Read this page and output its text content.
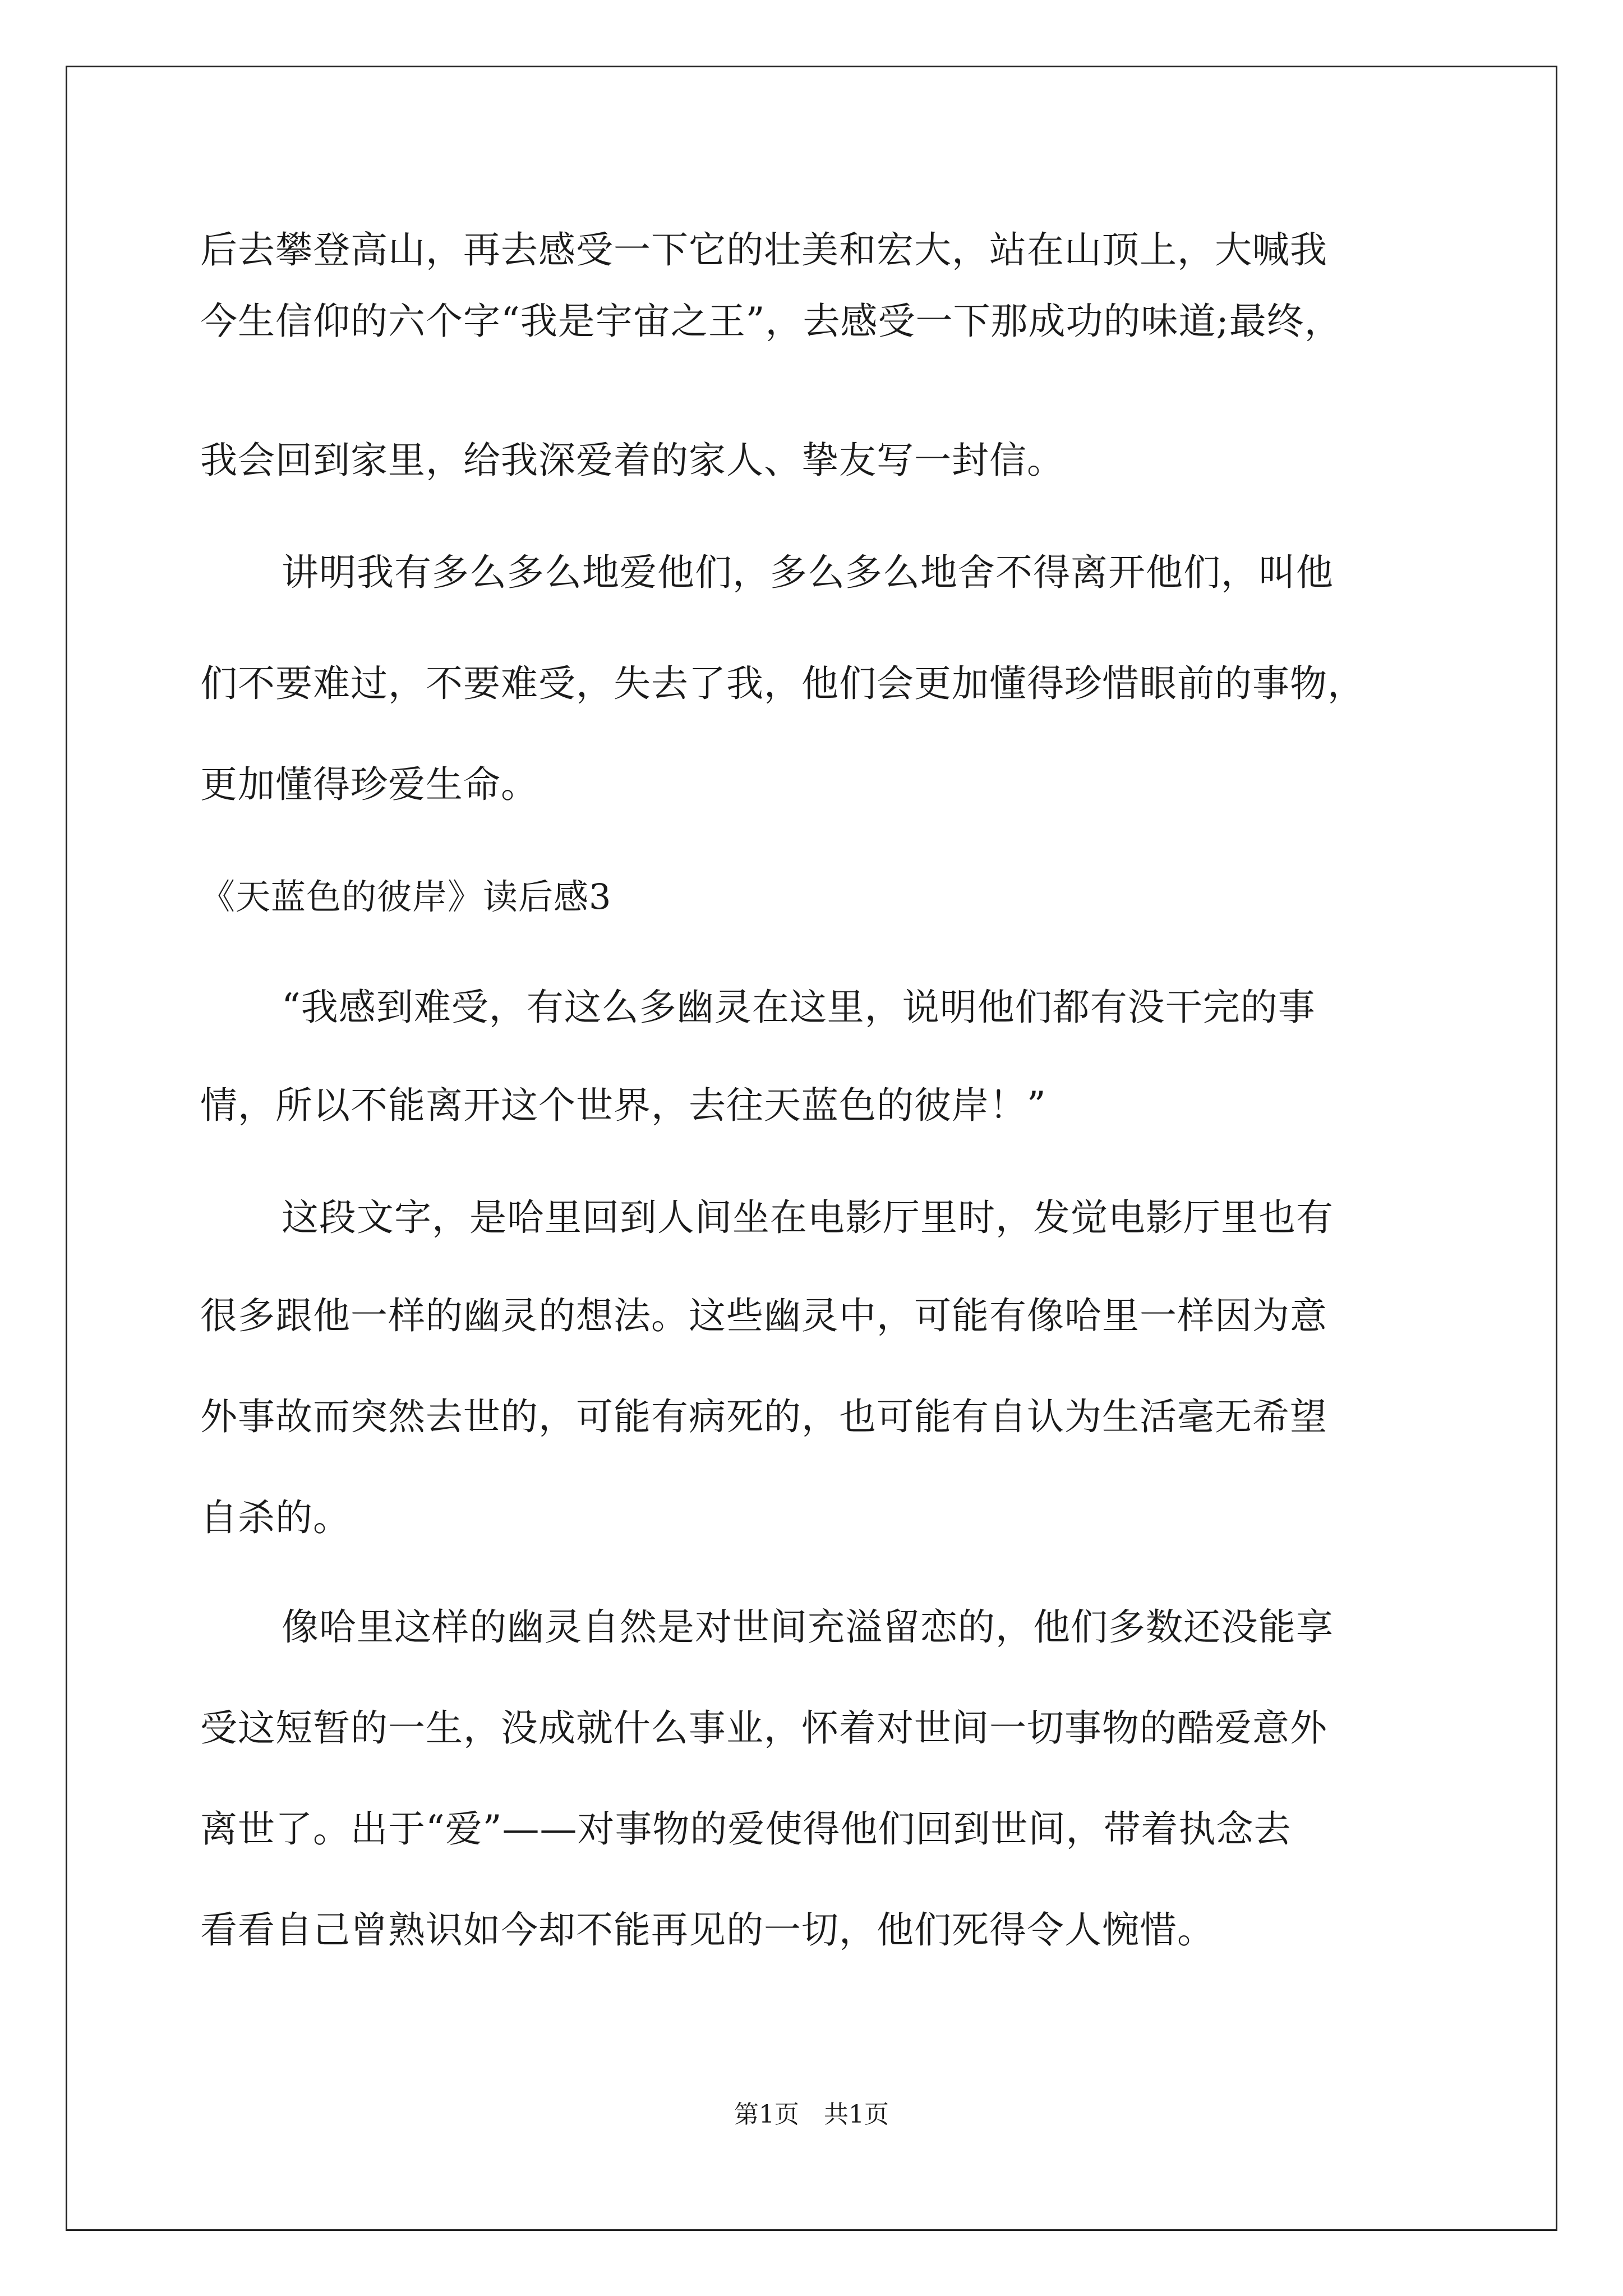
后去攀登高山，再去感受一下它的壮美和宏大，站在山顶上，大喊我
今生信仰的六个字“我是宇宙之王”，去感受一下那成功的味道;最终，
我会回到家里，给我深爱着的家人、挚友写一封信。
讲明我有多么多么地爱他们，多么多么地舍不得离开他们，叫他
们不要难过，不要难受，失去了我，他们会更加懂得珍惜眼前的事物，
更加懂得珍爱生命。
《天蓝色的彼岸》读后感3
“我感到难受，有这么多幽灵在这里，说明他们都有没干完的事
情，所以不能离开这个世界，去往天蓝色的彼岸！”
这段文字，是哈里回到人间坐在电影厅里时，发觉电影厅里也有
很多跟他一样的幽灵的想法。这些幽灵中，可能有像哈里一样因为意
外事故而突然去世的，可能有病死的，也可能有自认为生活毫无希望
自杀的。
像哈里这样的幽灵自然是对世间充溢留恋的，他们多数还没能享
受这短暂的一生，没成就什么事业，怀着对世间一切事物的酷爱意外
离世了。出于“爱”——对事物的爱使得他们回到世间，带着执念去
看看自己曾熟识如今却不能再见的一切，他们死得令人惋惜。
第1页　共1页
